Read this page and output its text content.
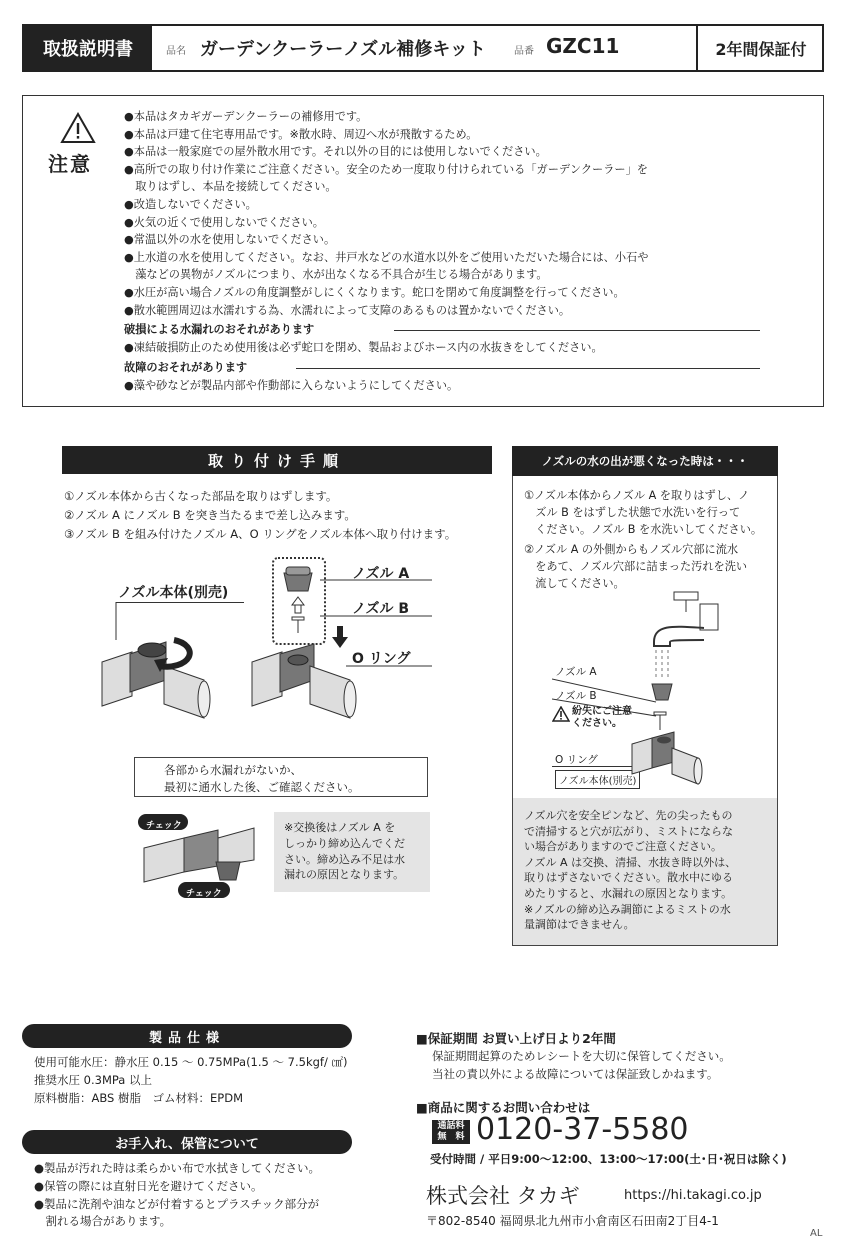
取扱説明書	品名 ガーデンクーラーノズル補修キット	品番 GZC11	2年間保証付
注意
●本品はタカギガーデンクーラーの補修用です。
●本品は戸建て住宅専用品です。※散水時、周辺へ水が飛散するため。
●本品は一般家庭での屋外散水用です。それ以外の目的には使用しないでください。
●高所での取り付け作業にご注意ください。安全のため一度取り付けられている「ガーデンクーラー」を
　取りはずし、本品を接続してください。
●改造しないでください。
●火気の近くで使用しないでください。
●常温以外の水を使用しないでください。
●上水道の水を使用してください。なお、井戸水などの水道水以外をご使用いただいた場合には、小石や
　藻などの異物がノズルにつまり、水が出なくなる不具合が生じる場合があります。
●水圧が高い場合ノズルの角度調整がしにくくなります。蛇口を閉めて角度調整を行ってください。
●散水範囲周辺は水濡れする為、水濡れによって支障のあるものは置かないでください。
破損による水漏れのおそれがあります
●凍結破損防止のため使用後は必ず蛇口を閉め、製品およびホース内の水抜きをしてください。
故障のおそれがあります
●藻や砂などが製品内部や作動部に入らないようにしてください。
取り付け手順
①ノズル本体から古くなった部品を取りはずします。
②ノズル A にノズル B を突き当たるまで差し込みます。
③ノズル B を組み付けたノズル A、O リングをノズル本体へ取り付けます。
ノズル本体(別売)
ノズル A
ノズル B
O リング
各部から水漏れがないか、
最初に通水した後、ご確認ください。
チェック
チェック
※交換後はノズル A を
しっかり締め込んでくだ
さい。締め込み不足は水
漏れの原因となります。
ノズルの水の出が悪くなった時は・・・
①ノズル本体からノズル A を取りはずし、ノ
　ズル B をはずした状態で水洗いを行って
　ください。ノズル B を水洗いしてください。
②ノズル A の外側からもノズル穴部に流水
　をあて、ノズル穴部に詰まった汚れを洗い
　流してください。
ノズル A
ノズル B
紛失にご注意
ください。
O リング
ノズル本体(別売)
ノズル穴を安全ピンなど、先の尖ったもの
で清掃すると穴が広がり、ミストにならな
い場合がありますのでご注意ください。
ノズル A は交換、清掃、水抜き時以外は、
取りはずさないでください。散水中にゆる
めたりすると、水漏れの原因となります。
※ノズルの締め込み調節によるミストの水
量調節はできません。
製品仕様
使用可能水圧：静水圧 0.15 ～ 0.75MPa(1.5 ～ 7.5kgf/ ㎠)
推奨水圧 0.3MPa 以上
原料樹脂：ABS 樹脂　ゴム材料：EPDM
お手入れ、保管について
●製品が汚れた時は柔らかい布で水拭きしてください。
●保管の際には直射日光を避けてください。
●製品に洗剤や油などが付着するとプラスチック部分が
　割れる場合があります。
■保証期間 お買い上げ日より2年間
保証期間起算のためレシートを大切に保管してください。
当社の責以外による故障については保証致しかねます。
■商品に関するお問い合わせは
通話料
無　料 0120-37-5580
受付時間 / 平日9:00～12:00、13:00～17:00(土･日･祝日は除く)
株式会社 タカギ	https://hi.takagi.co.jp
〒802-8540 福岡県北九州市小倉南区石田南2丁目4-1
AL
